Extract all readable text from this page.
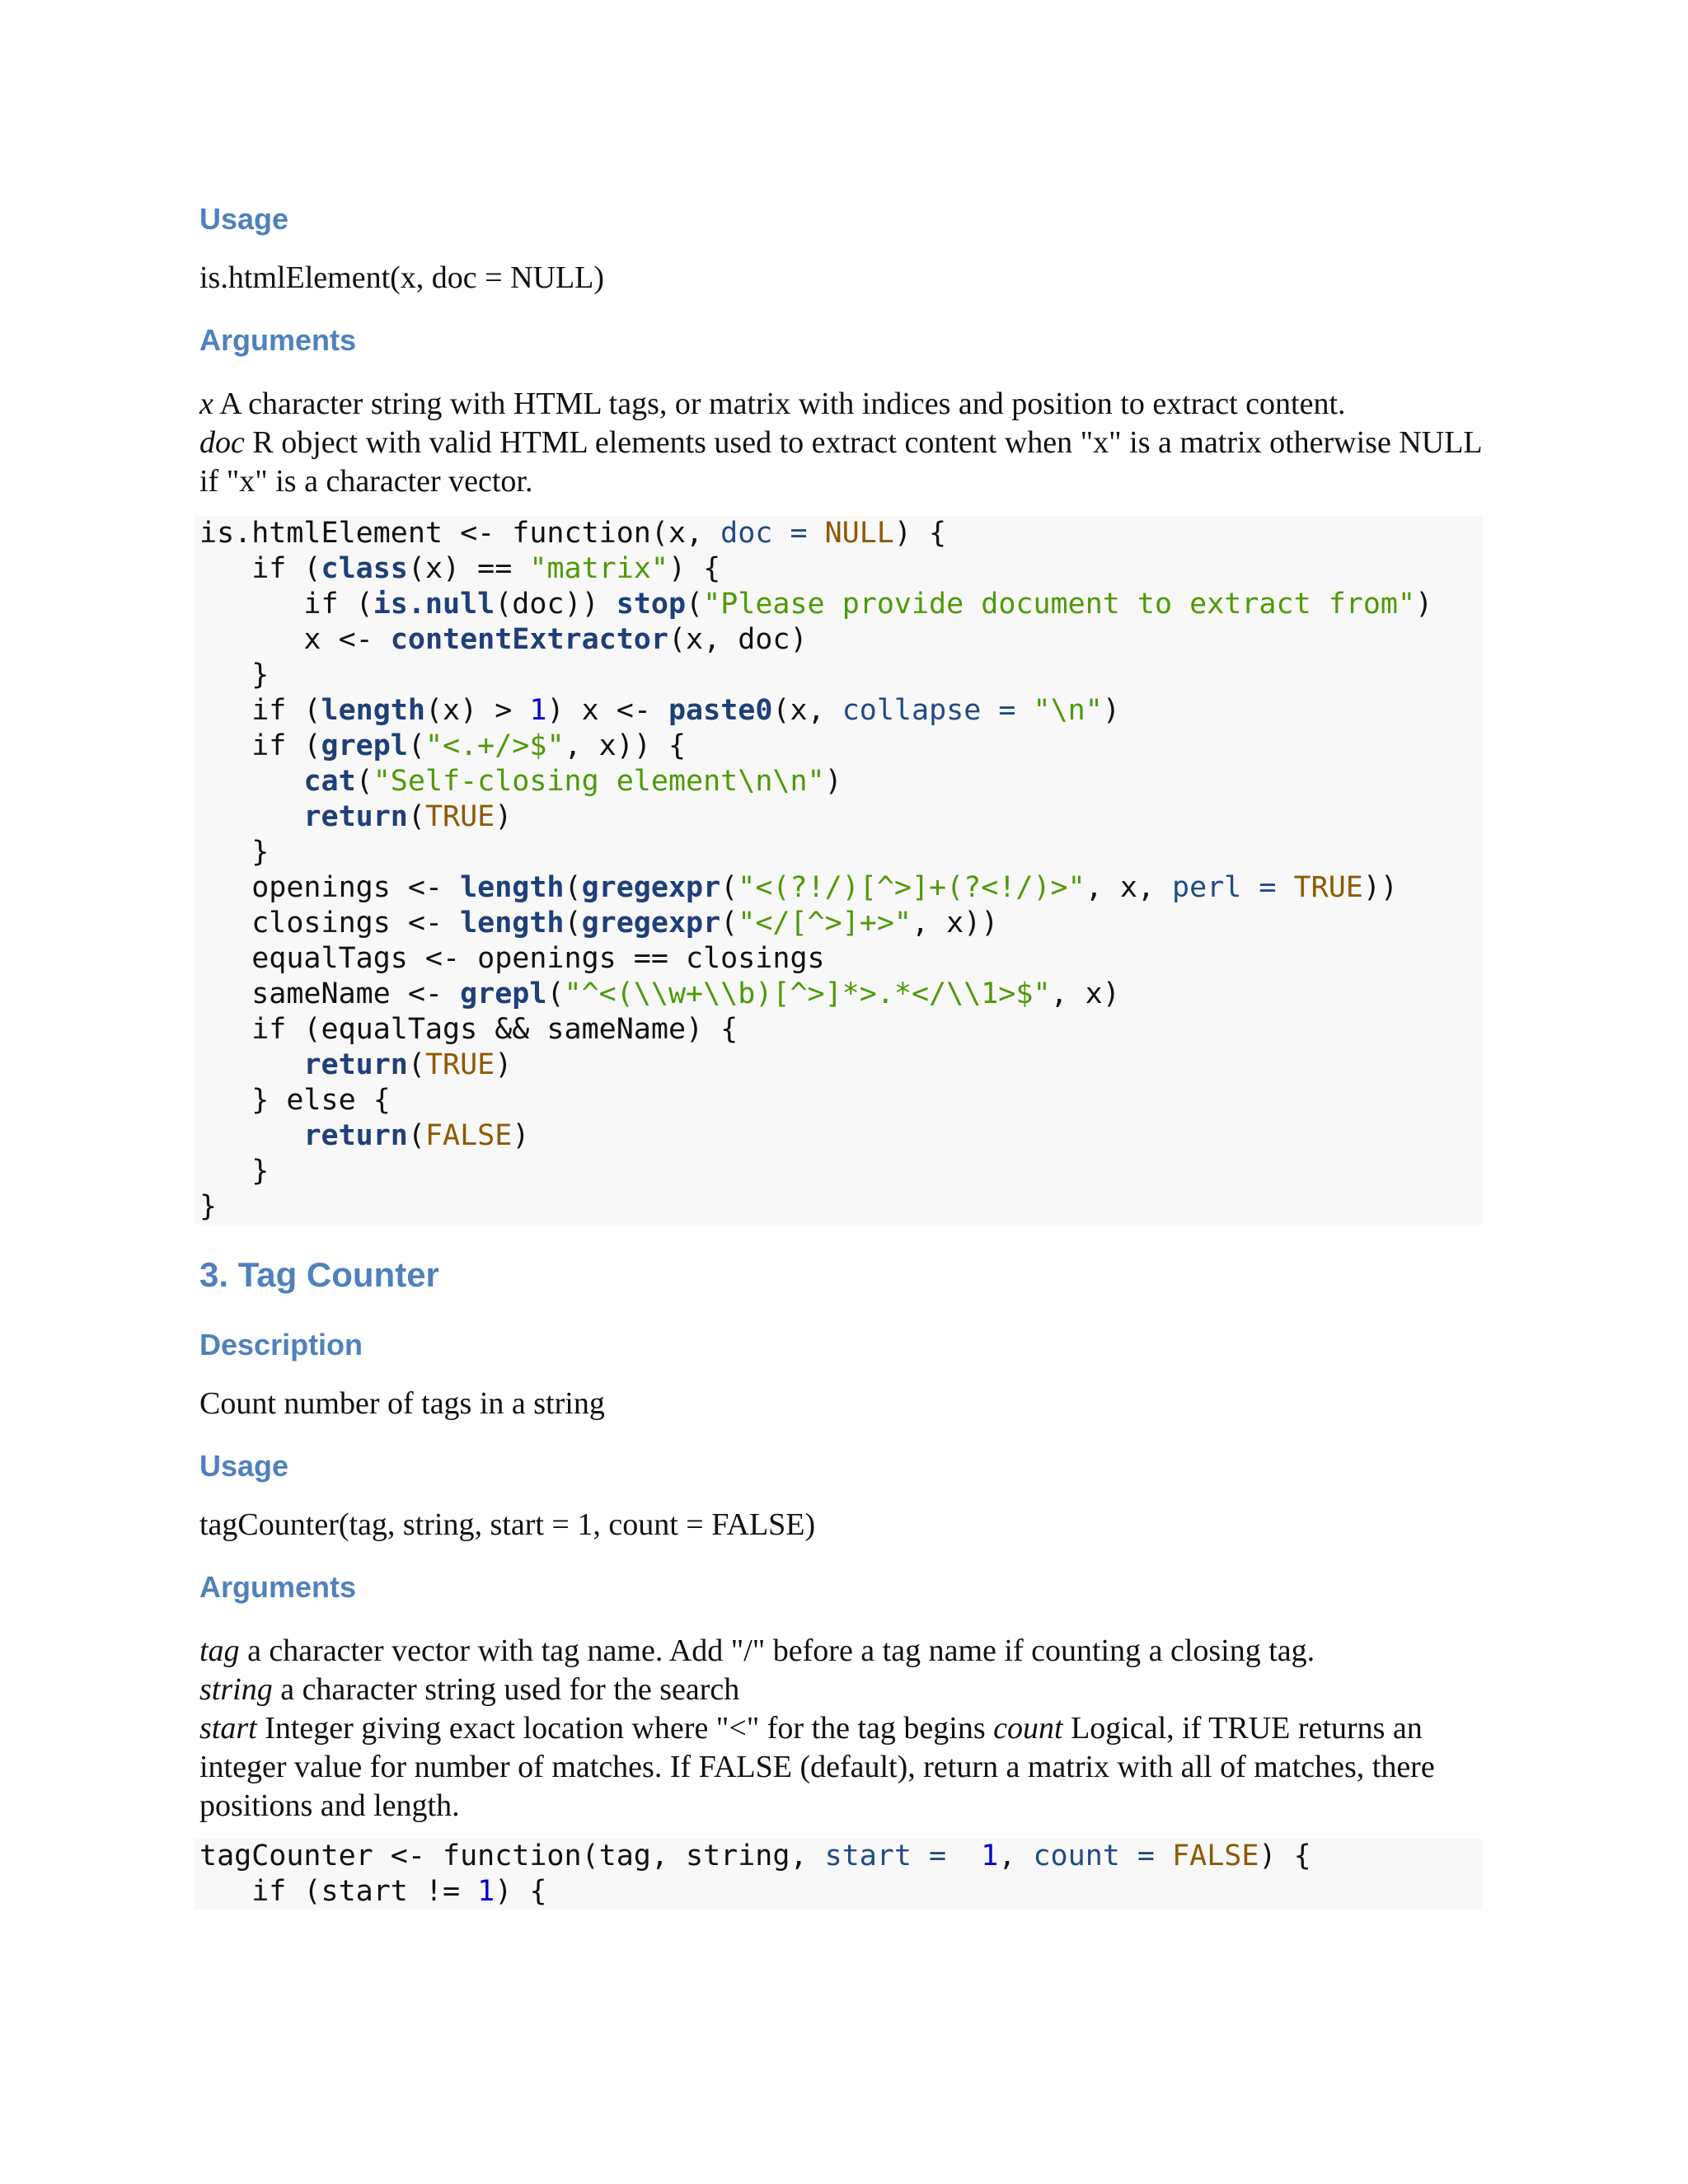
Usage

is.htmlElement(x, doc = NULL)

Arguments

x A character string with HTML tags, or matrix with indices and position to extract content.
doc R object with valid HTML elements used to extract content when "x" is a matrix otherwise NULL if "x" is a character vector.

is.htmlElement <- function(x, doc = NULL) {
if (class(x) == "matrix") {
if (is.null(doc)) stop("Please provide document to extract from")
x <- contentExtractor(x, doc)
}
if (length(x) > 1) x <- paste0(x, collapse = "\n")
if (grepl("<.+/>$", x)) {
cat("Self-closing element\n\n")
return(TRUE)
}
openings <- length(gregexpr("<(?!/)[^>]+(?<!/)>", x, perl = TRUE))
closings <- length(gregexpr("</[^>]+>", x))
equalTags <- openings == closings
sameName <- grepl("^<(\\w+\\b)[^>]*>.*</\\1>$", x)
if (equalTags && sameName) {
return(TRUE)
} else {
return(FALSE)
}
}
3. Tag Counter
Description

Count number of tags in a string

Usage

tagCounter(tag, string, start = 1, count = FALSE)

Arguments

tag a character vector with tag name. Add "/" before a tag name if counting a closing tag.
string a character string used for the search
start Integer giving exact location where "<" for the tag begins count Logical, if TRUE returns an integer value for number of matches. If FALSE (default), return a matrix with all of matches, there positions and length.

tagCounter <- function(tag, string, start =  1, count = FALSE) {
if (start != 1) {
